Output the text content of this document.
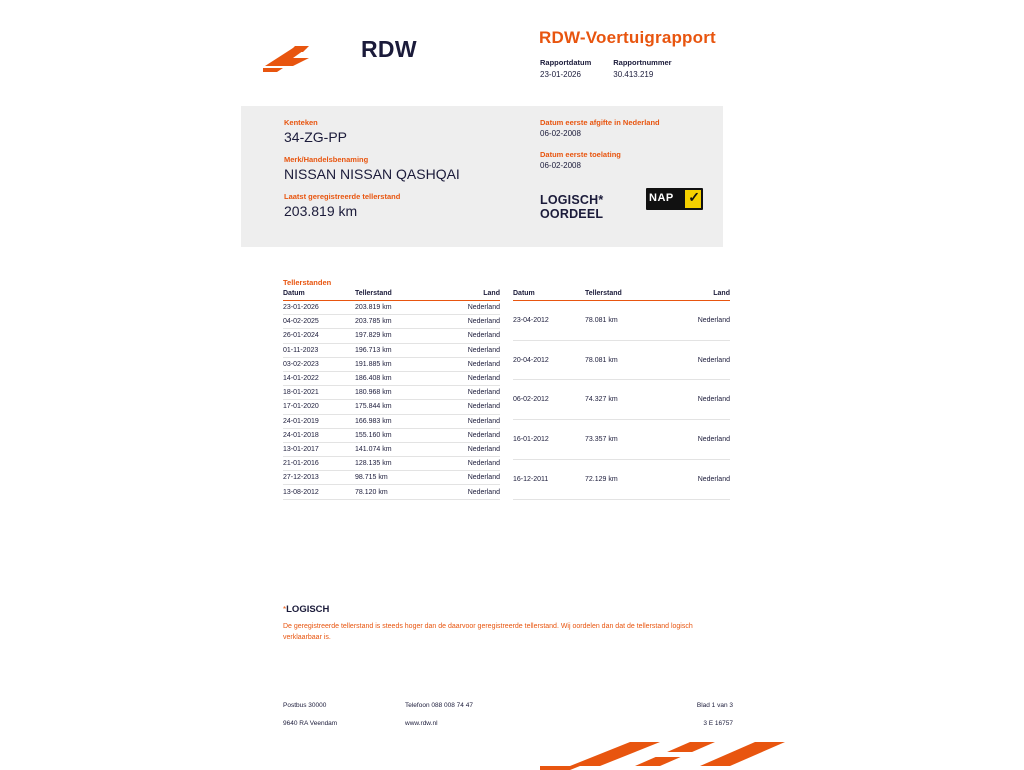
RDW	RDW-Voertuigrapport
Rapportdatum
23-01-2026
Rapportnummer
30.413.219
Kenteken
34-ZG-PP
Merk/Handelsbenaming
NISSAN NISSAN QASHQAI
Laatst geregistreerde tellerstand
203.819 km
Datum eerste afgifte in Nederland
06-02-2008
Datum eerste toelating
06-02-2008
LOGISCH*
OORDEEL
NAP ✓
Tellerstanden
Datum	Tellerstand	Land
23-01-2026	203.819 km	Nederland
04-02-2025	203.785 km	Nederland
26-01-2024	197.829 km	Nederland
01-11-2023	196.713 km	Nederland
03-02-2023	191.885 km	Nederland
14-01-2022	186.408 km	Nederland
18-01-2021	180.968 km	Nederland
17-01-2020	175.844 km	Nederland
24-01-2019	166.983 km	Nederland
24-01-2018	155.160 km	Nederland
13-01-2017	141.074 km	Nederland
21-01-2016	128.135 km	Nederland
27-12-2013	98.715 km	Nederland
13-08-2012	78.120 km	Nederland
Datum	Tellerstand	Land
23-04-2012	78.081 km	Nederland
20-04-2012	78.081 km	Nederland
06-02-2012	74.327 km	Nederland
16-01-2012	73.357 km	Nederland
16-12-2011	72.129 km	Nederland
*LOGISCH
De geregistreerde tellerstand is steeds hoger dan de daarvoor geregistreerde tellerstand. Wij oordelen dan dat de tellerstand logisch verklaarbaar is.
Postbus 30000
9640 RA Veendam
Telefoon 088 008 74 47
www.rdw.nl
Blad 1 van 3
3 E 16757
